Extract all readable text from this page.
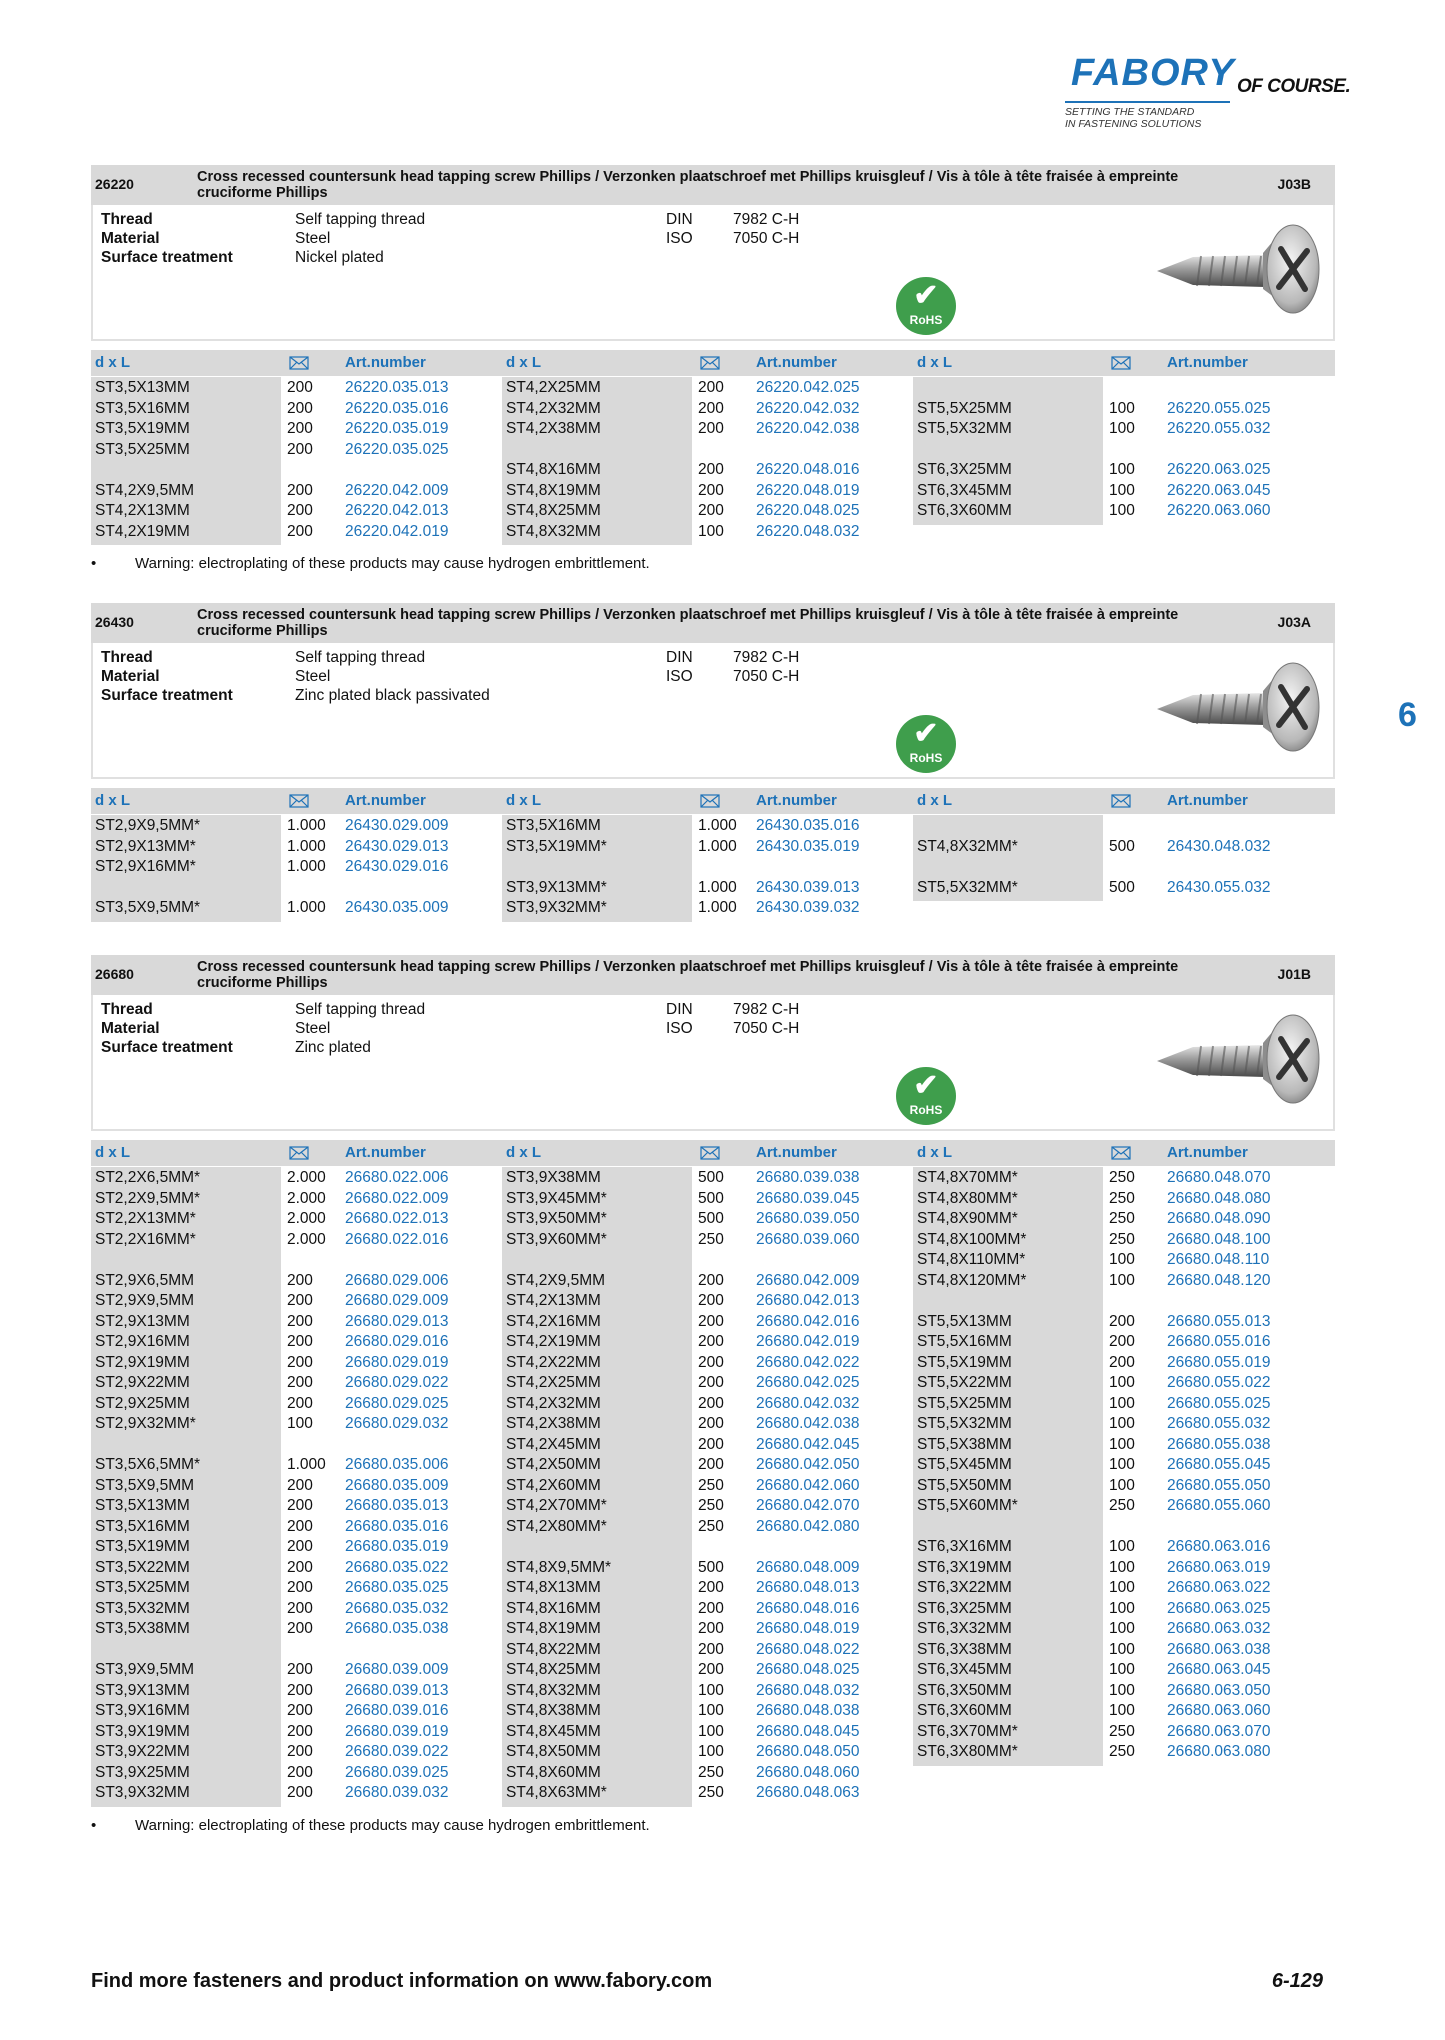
FABORY OF COURSE.
SETTING THE STANDARD
IN FASTENING SOLUTIONS
6
26220	Cross recessed countersunk head tapping screw Phillips / Verzonken plaatschroef met Phillips kruisgleuf / Vis à tôle à tête fraisée à empreinte cruciforme Phillips
J03B
Thread	Self tapping thread
Material	Steel
Surface treatment	Nickel plated
DIN	7982 C-H
ISO	7050 C-H
✔
RoHS
d x L	Art.number	d x L	Art.number	d x L	Art.number
ST3,5X13MM	200 26220.035.013
ST3,5X16MM	200 26220.035.016
ST3,5X19MM	200 26220.035.019
ST3,5X25MM	200 26220.035.025
ST4,2X9,5MM	200 26220.042.009
ST4,2X13MM	200 26220.042.013
ST4,2X19MM	200 26220.042.019
ST4,2X25MM	200 26220.042.025
ST4,2X32MM	200 26220.042.032
ST4,2X38MM	200 26220.042.038
ST4,8X16MM	200 26220.048.016
ST4,8X19MM	200 26220.048.019
ST4,8X25MM	200 26220.048.025
ST4,8X32MM	100 26220.048.032
ST5,5X25MM	100 26220.055.025
ST5,5X32MM	100 26220.055.032
ST6,3X25MM	100 26220.063.025
ST6,3X45MM	100 26220.063.045
ST6,3X60MM	100 26220.063.060
26430	Cross recessed countersunk head tapping screw Phillips / Verzonken plaatschroef met Phillips kruisgleuf / Vis à tôle à tête fraisée à empreinte cruciforme Phillips
J03A
Thread	Self tapping thread
Material	Steel
Surface treatment	Zinc plated black passivated
DIN	7982 C-H
ISO	7050 C-H
✔
RoHS
d x L	Art.number	d x L	Art.number	d x L	Art.number
ST2,9X9,5MM*	1.000 26430.029.009
ST2,9X13MM*	1.000 26430.029.013
ST2,9X16MM*	1.000 26430.029.016
ST3,5X9,5MM*	1.000 26430.035.009
ST3,5X16MM	1.000 26430.035.016
ST3,5X19MM*	1.000 26430.035.019
ST3,9X13MM*	1.000 26430.039.013
ST3,9X32MM*	1.000 26430.039.032
ST4,8X32MM*	500 26430.048.032
ST5,5X32MM*	500 26430.055.032
26680	Cross recessed countersunk head tapping screw Phillips / Verzonken plaatschroef met Phillips kruisgleuf / Vis à tôle à tête fraisée à empreinte cruciforme Phillips
J01B
Thread	Self tapping thread
Material	Steel
Surface treatment	Zinc plated
DIN	7982 C-H
ISO	7050 C-H
✔
RoHS
d x L	Art.number	d x L	Art.number	d x L	Art.number
ST2,2X6,5MM*	2.000 26680.022.006
ST2,2X9,5MM*	2.000 26680.022.009
ST2,2X13MM*	2.000 26680.022.013
ST2,2X16MM*	2.000 26680.022.016
ST2,9X6,5MM	200 26680.029.006
ST2,9X9,5MM	200 26680.029.009
ST2,9X13MM	200 26680.029.013
ST2,9X16MM	200 26680.029.016
ST2,9X19MM	200 26680.029.019
ST2,9X22MM	200 26680.029.022
ST2,9X25MM	200 26680.029.025
ST2,9X32MM*	100 26680.029.032
ST3,5X6,5MM*	1.000 26680.035.006
ST3,5X9,5MM	200 26680.035.009
ST3,5X13MM	200 26680.035.013
ST3,5X16MM	200 26680.035.016
ST3,5X19MM	200 26680.035.019
ST3,5X22MM	200 26680.035.022
ST3,5X25MM	200 26680.035.025
ST3,5X32MM	200 26680.035.032
ST3,5X38MM	200 26680.035.038
ST3,9X9,5MM	200 26680.039.009
ST3,9X13MM	200 26680.039.013
ST3,9X16MM	200 26680.039.016
ST3,9X19MM	200 26680.039.019
ST3,9X22MM	200 26680.039.022
ST3,9X25MM	200 26680.039.025
ST3,9X32MM	200 26680.039.032
ST3,9X38MM	500 26680.039.038
ST3,9X45MM*	500 26680.039.045
ST3,9X50MM*	500 26680.039.050
ST3,9X60MM*	250 26680.039.060
ST4,2X9,5MM	200 26680.042.009
ST4,2X13MM	200 26680.042.013
ST4,2X16MM	200 26680.042.016
ST4,2X19MM	200 26680.042.019
ST4,2X22MM	200 26680.042.022
ST4,2X25MM	200 26680.042.025
ST4,2X32MM	200 26680.042.032
ST4,2X38MM	200 26680.042.038
ST4,2X45MM	200 26680.042.045
ST4,2X50MM	200 26680.042.050
ST4,2X60MM	250 26680.042.060
ST4,2X70MM*	250 26680.042.070
ST4,2X80MM*	250 26680.042.080
ST4,8X9,5MM*	500 26680.048.009
ST4,8X13MM	200 26680.048.013
ST4,8X16MM	200 26680.048.016
ST4,8X19MM	200 26680.048.019
ST4,8X22MM	200 26680.048.022
ST4,8X25MM	200 26680.048.025
ST4,8X32MM	100 26680.048.032
ST4,8X38MM	100 26680.048.038
ST4,8X45MM	100 26680.048.045
ST4,8X50MM	100 26680.048.050
ST4,8X60MM	250 26680.048.060
ST4,8X63MM*	250 26680.048.063
ST4,8X70MM*	250 26680.048.070
ST4,8X80MM*	250 26680.048.080
ST4,8X90MM*	250 26680.048.090
ST4,8X100MM*	250 26680.048.100
ST4,8X110MM*	100 26680.048.110
ST4,8X120MM*	100 26680.048.120
ST5,5X13MM	200 26680.055.013
ST5,5X16MM	200 26680.055.016
ST5,5X19MM	200 26680.055.019
ST5,5X22MM	100 26680.055.022
ST5,5X25MM	100 26680.055.025
ST5,5X32MM	100 26680.055.032
ST5,5X38MM	100 26680.055.038
ST5,5X45MM	100 26680.055.045
ST5,5X50MM	100 26680.055.050
ST5,5X60MM*	250 26680.055.060
ST6,3X16MM	100 26680.063.016
ST6,3X19MM	100 26680.063.019
ST6,3X22MM	100 26680.063.022
ST6,3X25MM	100 26680.063.025
ST6,3X32MM	100 26680.063.032
ST6,3X38MM	100 26680.063.038
ST6,3X45MM	100 26680.063.045
ST6,3X50MM	100 26680.063.050
ST6,3X60MM	100 26680.063.060
ST6,3X70MM*	250 26680.063.070
ST6,3X80MM*	250 26680.063.080
Find more fasteners and product information on www.fabory.com	6-129
•	Warning: electroplating of these products may cause hydrogen embrittlement.
•	Warning: electroplating of these products may cause hydrogen embrittlement.
